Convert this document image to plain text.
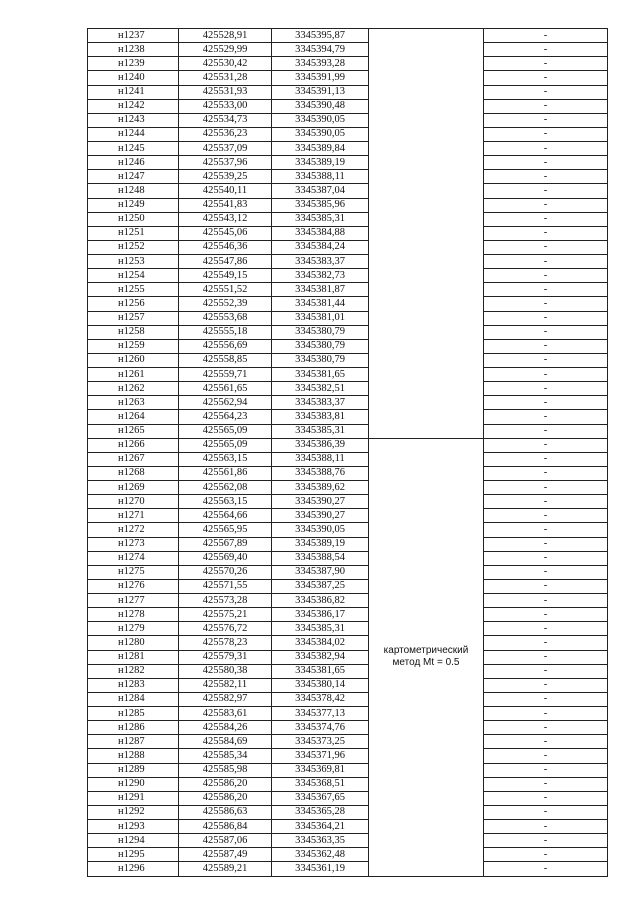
н1237	425528,91	3345395,87		-
н1238	425529,99	3345394,79		-
н1239	425530,42	3345393,28		-
н1240	425531,28	3345391,99		-
н1241	425531,93	3345391,13		-
н1242	425533,00	3345390,48		-
н1243	425534,73	3345390,05		-
н1244	425536,23	3345390,05		-
н1245	425537,09	3345389,84		-
н1246	425537,96	3345389,19		-
н1247	425539,25	3345388,11		-
н1248	425540,11	3345387,04		-
н1249	425541,83	3345385,96		-
н1250	425543,12	3345385,31		-
н1251	425545,06	3345384,88		-
н1252	425546,36	3345384,24		-
н1253	425547,86	3345383,37		-
н1254	425549,15	3345382,73		-
н1255	425551,52	3345381,87		-
н1256	425552,39	3345381,44		-
н1257	425553,68	3345381,01		-
н1258	425555,18	3345380,79		-
н1259	425556,69	3345380,79		-
н1260	425558,85	3345380,79		-
н1261	425559,71	3345381,65		-
н1262	425561,65	3345382,51		-
н1263	425562,94	3345383,37		-
н1264	425564,23	3345383,81		-
н1265	425565,09	3345385,31		-
н1266	425565,09	3345386,39	картометрический метод Mt = 0.5	-
н1267	425563,15	3345388,11		-
н1268	425561,86	3345388,76		-
н1269	425562,08	3345389,62		-
н1270	425563,15	3345390,27		-
н1271	425564,66	3345390,27		-
н1272	425565,95	3345390,05		-
н1273	425567,89	3345389,19		-
н1274	425569,40	3345388,54		-
н1275	425570,26	3345387,90		-
н1276	425571,55	3345387,25		-
н1277	425573,28	3345386,82		-
н1278	425575,21	3345386,17		-
н1279	425576,72	3345385,31		-
н1280	425578,23	3345384,02		-
н1281	425579,31	3345382,94		-
н1282	425580,38	3345381,65		-
н1283	425582,11	3345380,14		-
н1284	425582,97	3345378,42		-
н1285	425583,61	3345377,13		-
н1286	425584,26	3345374,76		-
н1287	425584,69	3345373,25		-
н1288	425585,34	3345371,96		-
н1289	425585,98	3345369,81		-
н1290	425586,20	3345368,51		-
н1291	425586,20	3345367,65		-
н1292	425586,63	3345365,28		-
н1293	425586,84	3345364,21		-
н1294	425587,06	3345363,35		-
н1295	425587,49	3345362,48		-
н1296	425589,21	3345361,19		-
